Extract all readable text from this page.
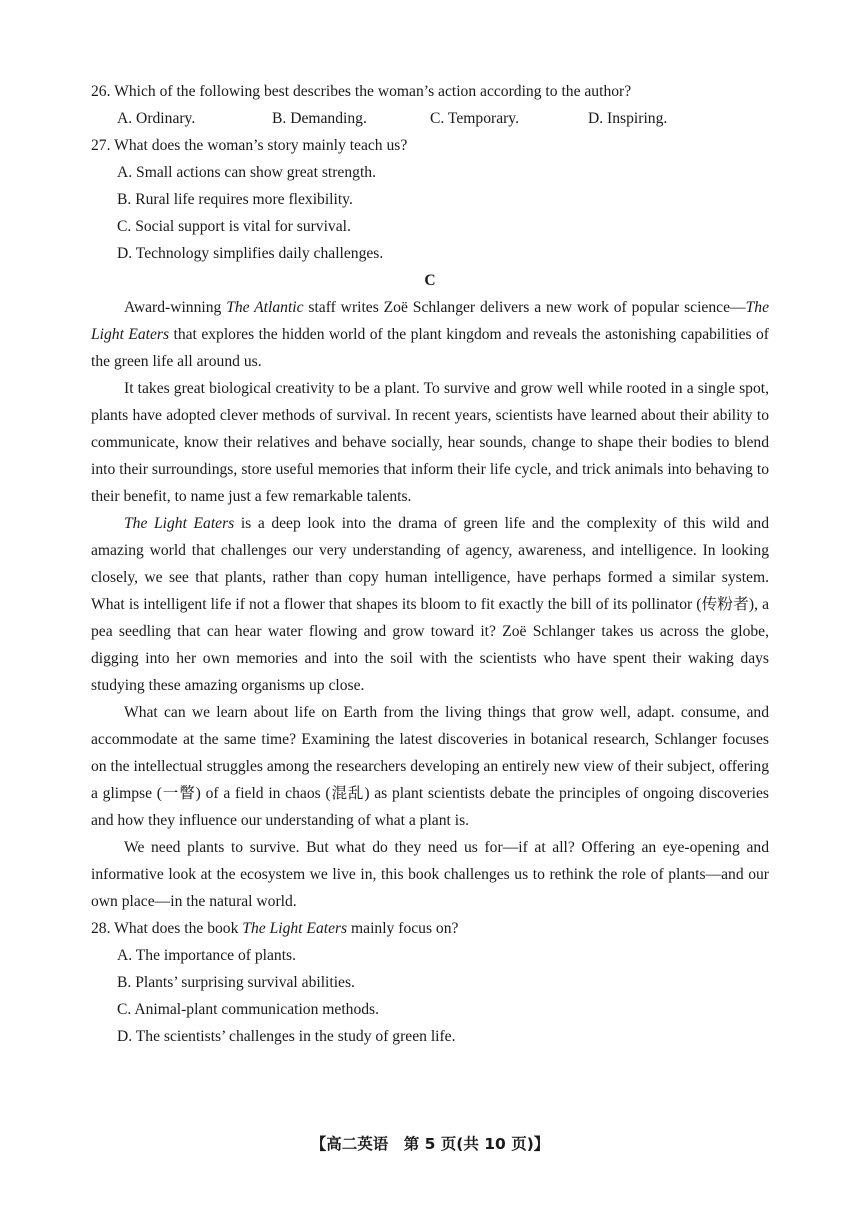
26. Which of the following best describes the woman’s action according to the author?
A. Ordinary.	B. Demanding.	C. Temporary.	D. Inspiring.
27. What does the woman’s story mainly teach us?
A. Small actions can show great strength.
B. Rural life requires more flexibility.
C. Social support is vital for survival.
D. Technology simplifies daily challenges.
C
Award-winning The Atlantic staff writes Zoë Schlanger delivers a new work of popular science—The Light Eaters that explores the hidden world of the plant kingdom and reveals the astonishing capabilities of the green life all around us.
It takes great biological creativity to be a plant. To survive and grow well while rooted in a single spot, plants have adopted clever methods of survival. In recent years, scientists have learned about their ability to communicate, know their relatives and behave socially, hear sounds, change to shape their bodies to blend into their surroundings, store useful memories that inform their life cycle, and trick animals into behaving to their benefit, to name just a few remarkable talents.
The Light Eaters is a deep look into the drama of green life and the complexity of this wild and amazing world that challenges our very understanding of agency, awareness, and intelligence. In looking closely, we see that plants, rather than copy human intelligence, have perhaps formed a similar system. What is intelligent life if not a flower that shapes its bloom to fit exactly the bill of its pollinator (传粉者), a pea seedling that can hear water flowing and grow toward it? Zoë Schlanger takes us across the globe, digging into her own memories and into the soil with the scientists who have spent their waking days studying these amazing organisms up close.
What can we learn about life on Earth from the living things that grow well, adapt. consume, and accommodate at the same time? Examining the latest discoveries in botanical research, Schlanger focuses on the intellectual struggles among the researchers developing an entirely new view of their subject, offering a glimpse (一瞥) of a field in chaos (混乱) as plant scientists debate the principles of ongoing discoveries and how they influence our understanding of what a plant is.
We need plants to survive. But what do they need us for—if at all? Offering an eye-opening and informative look at the ecosystem we live in, this book challenges us to rethink the role of plants—and our own place—in the natural world.
28. What does the book The Light Eaters mainly focus on?
A. The importance of plants.
B. Plants’ surprising survival abilities.
C. Animal-plant communication methods.
D. The scientists’ challenges in the study of green life.
【高二英语　第 5 页(共 10 页)】
